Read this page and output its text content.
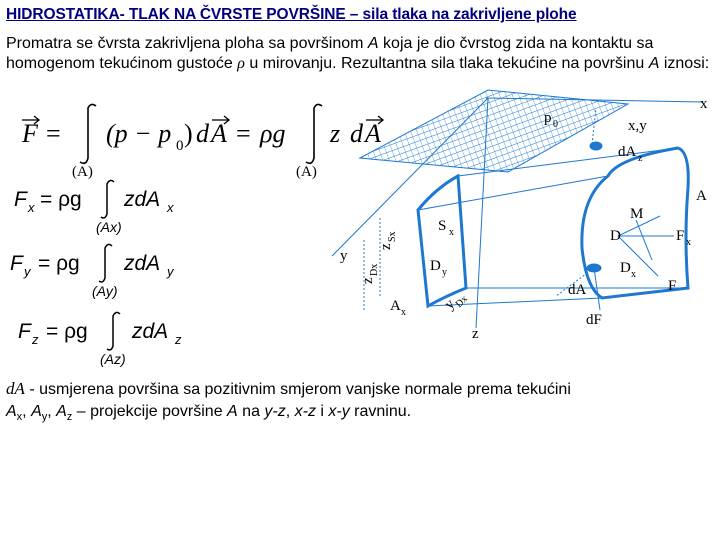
HIDROSTATIKA- TLAK NA ČVRSTE POVRŠINE – sila tlaka na zakrivljene plohe
Promatra se čvrsta zakrivljena ploha sa površinom A koja je dio čvrstog zida na kontaktu sa homogenom tekućinom gustoće ρ u mirovanju. Rezultantna sila tlaka tekućine na površinu A iznosi:
F =
(A)
(p − p 0 ) d A = ρg
(A)
z d A
F x = ρg
(Ax)
zdA x
F y = ρg
(Ay)
zdA y
F z = ρg
(Az)
zdA z
x
x,y
p 0
dA z
A
M
F x
D
D x
F
dA
dF
z
A x
D y
S x
y
z
Dx
z
Sx
y
Dx
dA - usmjerena površina sa pozitivnim smjerom vanjske normale prema tekućini
$A_x$, $A_y$, $A_z$ – projekcije površine A na y-z, x-z i x-y ravninu.
